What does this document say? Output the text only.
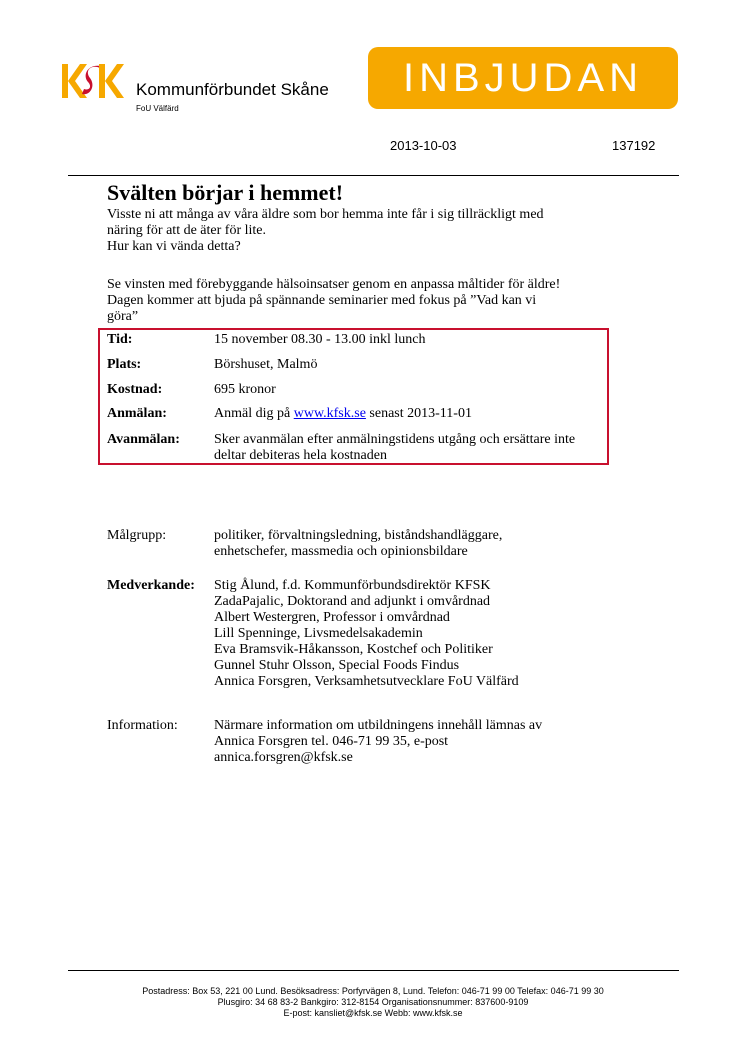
Kommunförbundet Skåne
FoU Välfärd
INBJUDAN
2013-10-03	137192
Svälten börjar i hemmet!

Visste ni att många av våra äldre som bor hemma inte får i sig tillräckligt med

näring för att de äter för lite.

Hur kan vi vända detta?

Se vinsten med förebyggande hälsoinsatser genom en anpassa måltider för äldre!

Dagen kommer att bjuda på spännande seminarier med fokus på ”Vad kan vi

göra”

Tid:	15 november 08.30 - 13.00 inkl lunch
Plats:	Börshuset, Malmö
Kostnad:	695 kronor
Anmälan:	Anmäl dig på www.kfsk.se senast 2013-11-01
Avanmälan: Sker avanmälan efter anmälningstidens utgång och ersättare inte
deltar debiteras hela kostnaden
Målgrupp:	politiker, förvaltningsledning, biståndshandläggare,
enhetschefer, massmedia och opinionsbildare
Medverkande: Stig Ålund, f.d. Kommunförbundsdirektör KFSK
ZadaPajalic, Doktorand and adjunkt i omvårdnad
Albert Westergren, Professor i omvårdnad
Lill Spenninge, Livsmedelsakademin
Eva Bramsvik-Håkansson, Kostchef och Politiker
Gunnel Stuhr Olsson, Special Foods Findus
Annica Forsgren, Verksamhetsutvecklare FoU Välfärd
Information:	Närmare information om utbildningens innehåll lämnas av
Annica Forsgren tel. 046-71 99 35, e-post
annica.forsgren@kfsk.se
Postadress: Box 53, 221 00 Lund. Besöksadress: Porfyrvägen 8, Lund. Telefon: 046-71 99 00 Telefax: 046-71 99 30
Plusgiro: 34 68 83-2 Bankgiro: 312-8154 Organisationsnummer: 837600-9109
E-post: kansliet@kfsk.se Webb: www.kfsk.se
